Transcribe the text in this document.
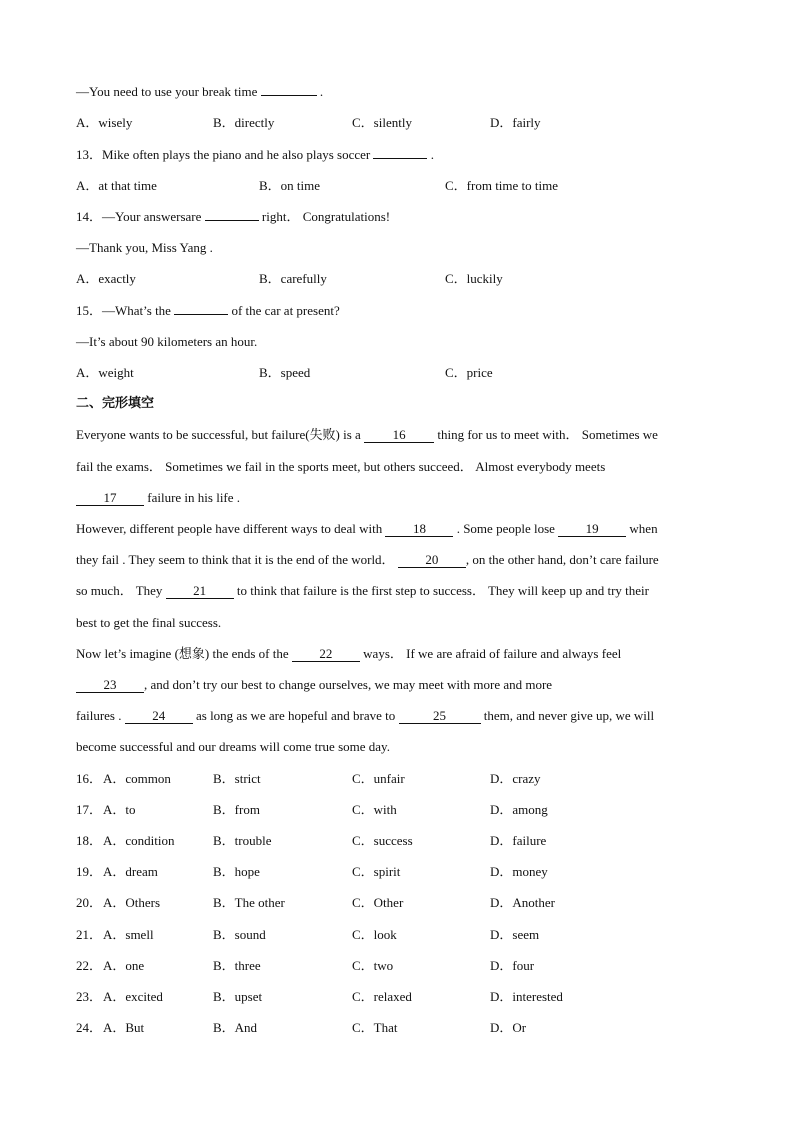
—You need to use your break time	.
A．wisely	B．directly	C．silently	D．fairly
13．Mike often plays the piano and he also plays soccer	.
A．at that time	B．on time	C．from time to time
14．—Your answersare	right． Congratulations!
—Thank you, Miss Yang .
A．exactly	B．carefully	C．luckily
15．—What’s the	of the car at present?
—It’s about 90 kilometers an hour.
A．weight	B．speed	C．price
二、完形填空
Everyone wants to be successful, but failure(失败) is a 16 thing for us to meet with． Sometimes we
fail the exams． Sometimes we fail in the sports meet, but others succeed． Almost everybody meets
17 failure in his life .
However, different people have different ways to deal with 18 . Some people lose 19 when
they fail . They seem to think that it is the end of the world． 20 , on the other hand, don’t care failure
so much． They 21 to think that failure is the first step to success． They will keep up and try their
best to get the final success.
Now let’s imagine (想象) the ends of the 22 ways． If we are afraid of failure and always feel
23 , and don’t try our best to change ourselves, we may meet with more and more
failures . 24 as long as we are hopeful and brave to	25	them, and never give up, we will
become successful and our dreams will come true some day.
16． A．common	B．strict	C．unfair	D．crazy
17． A．to	B．from	C．with	D．among
18． A．condition	B．trouble	C．success	D．failure
19． A．dream	B．hope	C．spirit	D．money
20． A．Others	B．The other	C．Other	D．Another
21． A．smell	B．sound	C．look	D．seem
22． A．one	B．three	C．two	D．four
23． A．excited	B．upset	C．relaxed	D．interested
24． A．But	B．And	C．That	D．Or
